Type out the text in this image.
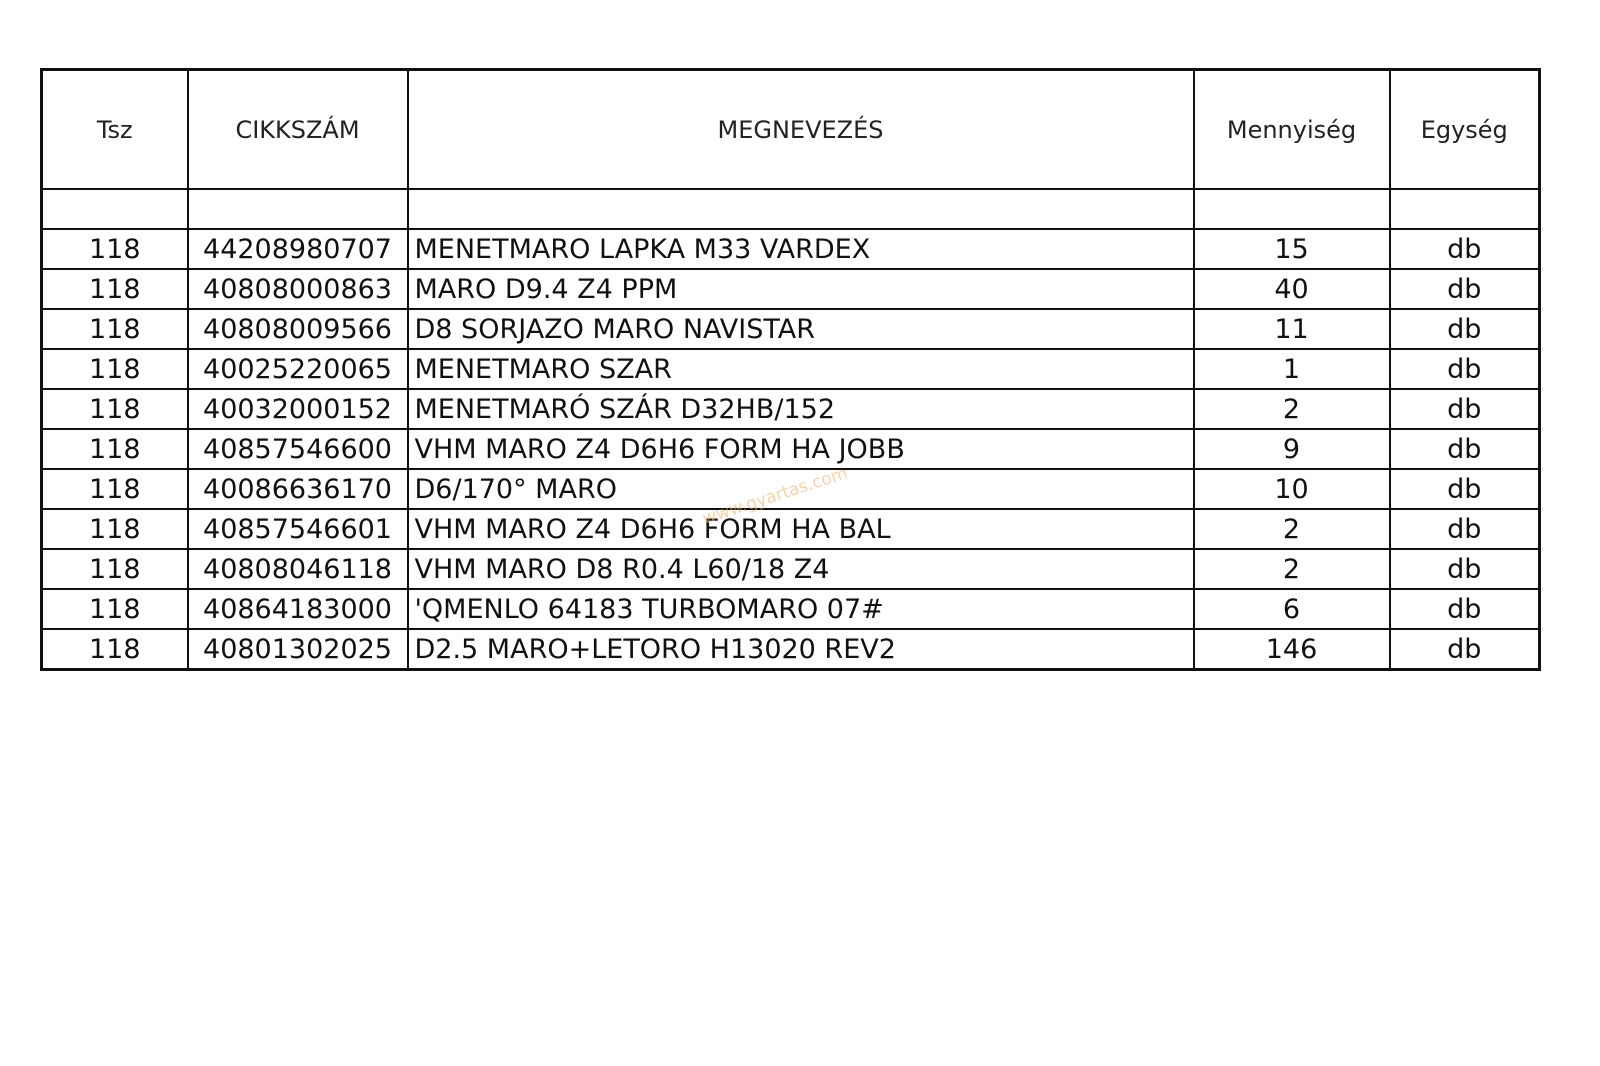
Tsz	CIKKSZÁM	MEGNEVEZÉS	Mennyiség	Egység

118	44208980707	MENETMARO LAPKA M33 VARDEX	15	db
118	40808000863	MARO D9.4 Z4 PPM	40	db
118	40808009566	D8 SORJAZO MARO NAVISTAR	11	db
118	40025220065	MENETMARO SZAR	1	db
118	40032000152	MENETMARÓ SZÁR D32HB/152	2	db
118	40857546600	VHM MARO Z4 D6H6 FORM HA JOBB	9	db
118	40086636170	D6/170° MARO	10	db
118	40857546601	VHM MARO Z4 D6H6 FORM HA BAL	2	db
118	40808046118	VHM MARO D8 R0.4 L60/18 Z4	2	db
118	40864183000	'QMENLO 64183 TURBOMARO 07#	6	db
118	40801302025	D2.5 MARO+LETORO H13020 REV2	146	db
www.gyartas.com
